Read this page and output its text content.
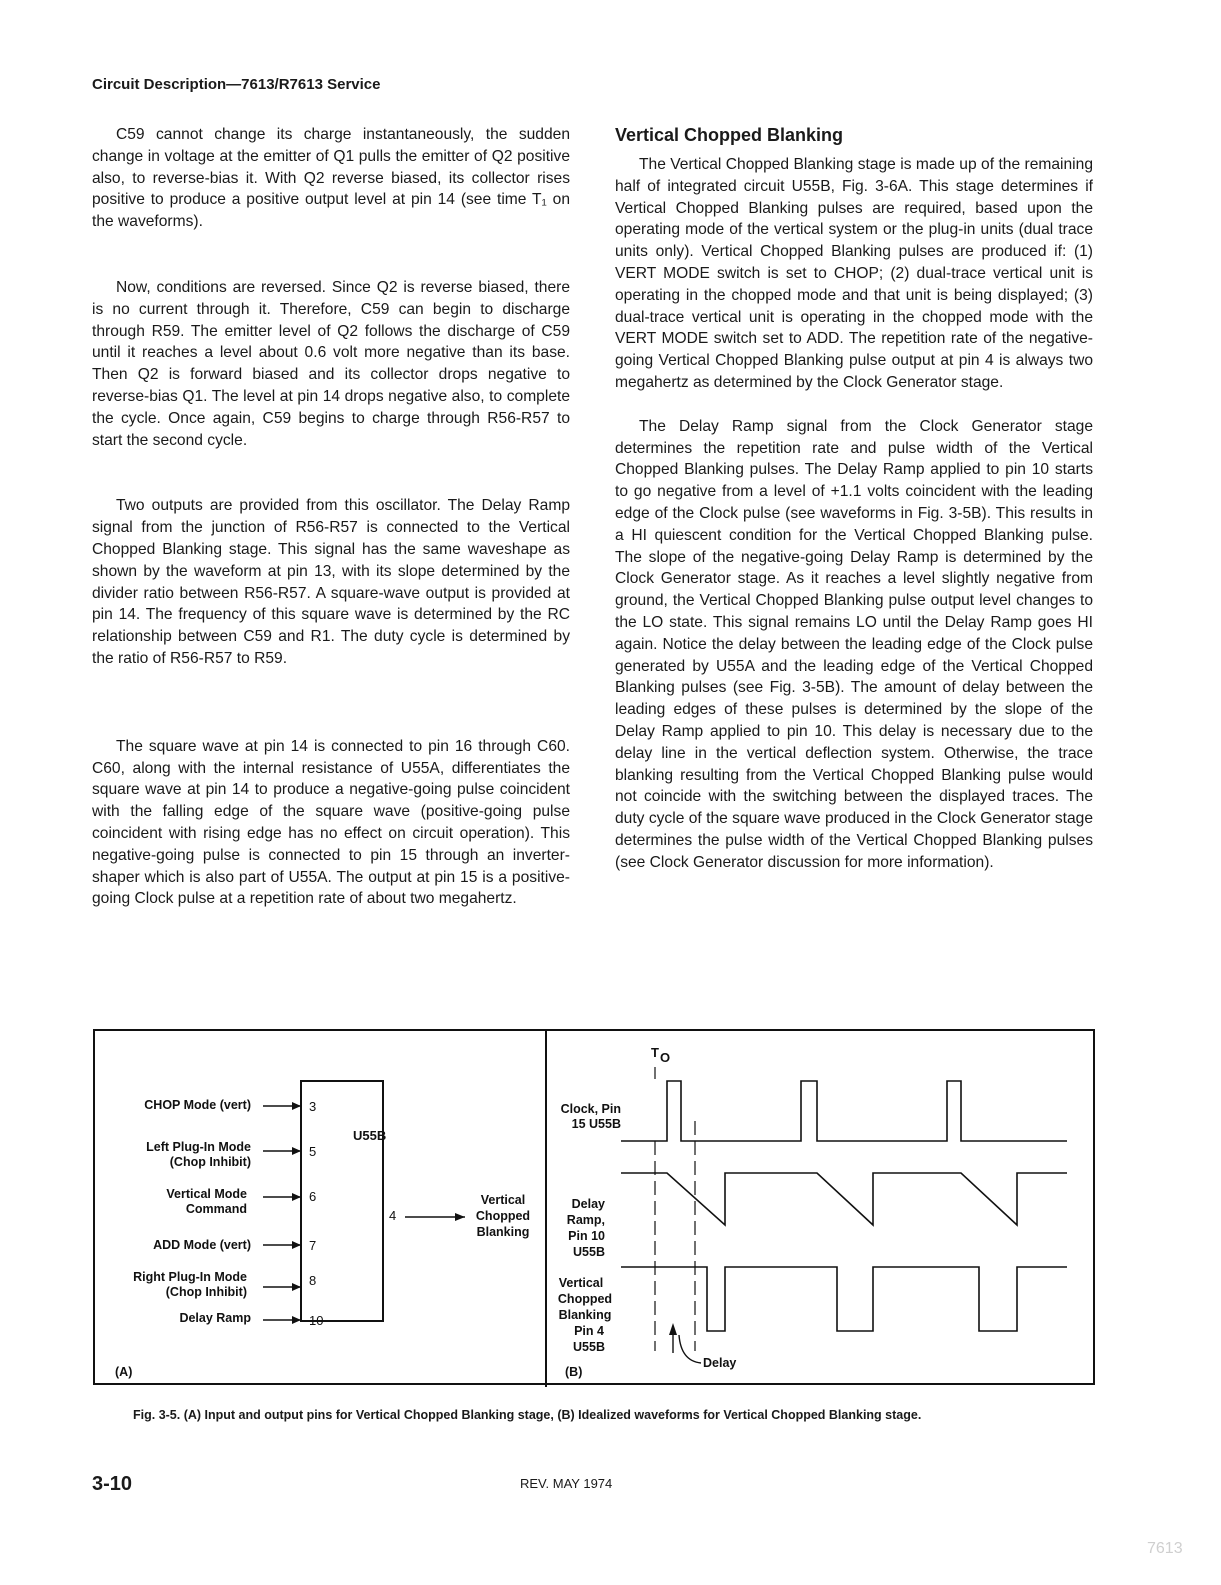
Circuit Description—7613/R7613 Service

C59 cannot change its charge instantaneously, the sudden change in voltage at the emitter of Q1 pulls the emitter of Q2 positive also, to reverse-bias it. With Q2 reverse biased, its collector rises positive to produce a positive output level at pin 14 (see time T₁ on the waveforms).

Now, conditions are reversed. Since Q2 is reverse biased, there is no current through it. Therefore, C59 can begin to discharge through R59. The emitter level of Q2 follows the discharge of C59 until it reaches a level about 0.6 volt more negative than its base. Then Q2 is forward biased and its collector drops negative to reverse-bias Q1. The level at pin 14 drops negative also, to complete the cycle. Once again, C59 begins to charge through R56-R57 to start the second cycle.

Two outputs are provided from this oscillator. The Delay Ramp signal from the junction of R56-R57 is connected to the Vertical Chopped Blanking stage. This signal has the same waveshape as shown by the waveform at pin 13, with its slope determined by the divider ratio between R56-R57. A square-wave output is provided at pin 14. The frequency of this square wave is determined by the RC relationship between C59 and R1. The duty cycle is determined by the ratio of R56-R57 to R59.

The square wave at pin 14 is connected to pin 16 through C60. C60, along with the internal resistance of U55A, differentiates the square wave at pin 14 to produce a negative-going pulse coincident with the falling edge of the square wave (positive-going pulse coincident with rising edge has no effect on circuit operation). This negative-going pulse is connected to pin 15 through an inverter-shaper which is also part of U55A. The output at pin 15 is a positive-going Clock pulse at a repetition rate of about two megahertz.

Vertical Chopped Blanking

The Vertical Chopped Blanking stage is made up of the remaining half of integrated circuit U55B, Fig. 3-6A. This stage determines if Vertical Chopped Blanking pulses are required, based upon the operating mode of the vertical system or the plug-in units (dual trace units only). Vertical Chopped Blanking pulses are produced if: (1) VERT MODE switch is set to CHOP; (2) dual-trace vertical unit is operating in the chopped mode and that unit is being displayed; (3) dual-trace vertical unit is operating in the chopped mode with the VERT MODE switch set to ADD. The repetition rate of the negative-going Vertical Chopped Blanking pulse output at pin 4 is always two megahertz as determined by the Clock Generator stage.

The Delay Ramp signal from the Clock Generator stage determines the repetition rate and pulse width of the Vertical Chopped Blanking pulses. The Delay Ramp applied to pin 10 starts to go negative from a level of +1.1 volts coincident with the leading edge of the Clock pulse (see waveforms in Fig. 3-5B). This results in a HI quiescent condition for the Vertical Chopped Blanking pulse. The slope of the negative-going Delay Ramp is determined by the Clock Generator stage. As it reaches a level slightly negative from ground, the Vertical Chopped Blanking pulse output level changes to the LO state. This signal remains LO until the Delay Ramp goes HI again. Notice the delay between the leading edge of the Clock pulse generated by U55A and the leading edge of the Vertical Chopped Blanking pulses (see Fig. 3-5B). The amount of delay between the leading edges of these pulses is determined by the slope of the Delay Ramp applied to pin 10. This delay is necessary due to the delay line in the vertical deflection system. Otherwise, the trace blanking resulting from the Vertical Chopped Blanking pulse would not coincide with the switching between the displayed traces. The duty cycle of the square wave produced in the Clock Generator stage determines the pulse width of the Vertical Chopped Blanking pulses (see Clock Generator discussion for more information).

U55B
CHOP Mode (vert)	3
Left Plug-In Mode
(Chop Inhibit)
5
Vertical Mode
Command
6
ADD Mode (vert)	7
Right Plug-In Mode
(Chop Inhibit)
8
Delay Ramp	10
4
Vertical
Chopped
Blanking
(A)
T O
Clock, Pin
15 U55B
Delay
Ramp,
Pin 10
U55B
Vertical
Chopped
Blanking
Pin 4
U55B
Delay
(B)
Fig. 3-5. (A) Input and output pins for Vertical Chopped Blanking stage, (B) Idealized waveforms for Vertical Chopped Blanking stage.
3-10	REV. MAY 1974
7613
